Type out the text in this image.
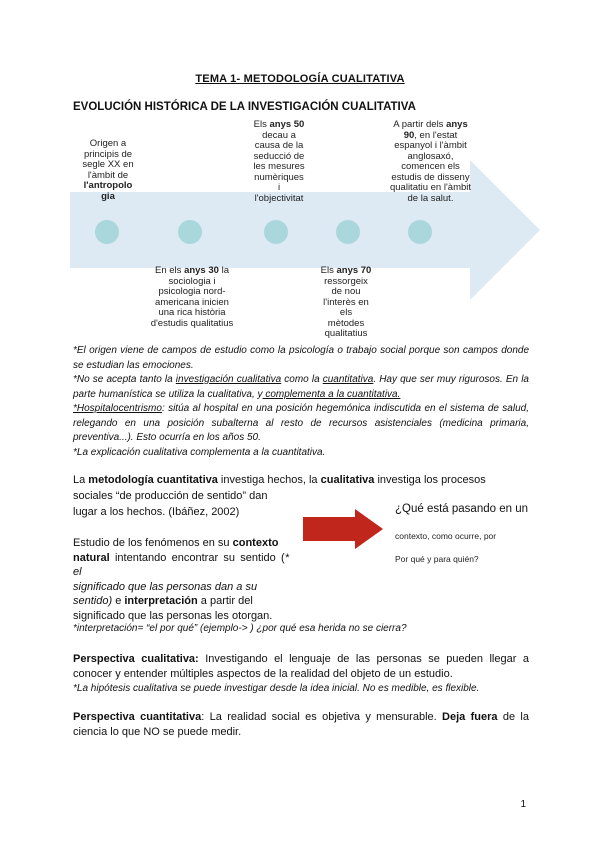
TEMA 1- METODOLOGÍA CUALITATIVA
EVOLUCIÓN HISTÓRICA DE LA INVESTIGACIÓN CUALITATIVA
Origen a
principis de
segle XX en
l'àmbit de
l'antropolo
gia
Els anys 50
decau a
causa de la
seducció de
les mesures
numèriques
i
l'objectivitat
A partir dels anys
90, en l'estat
espanyol i l'àmbit
anglosaxó,
comencen els
estudis de disseny
qualitatiu en l'àmbit
de la salut.
En els anys 30 la
sociologia i
psicologia nord-
americana inicien
una rica història
d'estudis qualitatius
Els anys 70
ressorgeix
de nou
l'interès en
els
mètodes
qualitatius

*El origen viene de campos de estudio como la psicología o trabajo social porque son campos donde se estudian las emociones.

*No se acepta tanto la investigación cualitativa como la cuantitativa. Hay que ser muy rigurosos. En la parte humanística se utiliza la cualitativa, y complementa a la cuantitativa.

*Hospitalocentrismo: sitúa al hospital en una posición hegemónica indiscutida en el sistema de salud, relegando en una posición subalterna al resto de recursos asistenciales (medicina primaria, preventiva...). Esto ocurría en los años 50.

*La explicación cualitativa complementa a la cuantitativa.

La metodología cuantitativa investiga hechos, la cualitativa investiga los procesos
sociales “de producción de sentido” dan
lugar a los hechos. (Ibáñez, 2002)	¿Qué está pasando en un
contexto, como ocurre, por
Por qué y para quién?
Estudio de los fenómenos en su contexto
natural intentando encontrar su sentido (* el
significado que las personas dan a su
sentido) e interpretación a partir del
significado que las personas les otorgan.
*interpretación= “el por qué” (ejemplo-> ) ¿por qué esa herida no se cierra?
Perspectiva cualitativa: Investigando el lenguaje de las personas se pueden llegar a conocer y entender múltiples aspectos de la realidad del objeto de un estudio.
*La hipótesis cualitativa se puede investigar desde la idea inicial. No es medible, es flexible.
Perspectiva cuantitativa: La realidad social es objetiva y mensurable. Deja fuera de la ciencia lo que NO se puede medir.
1
